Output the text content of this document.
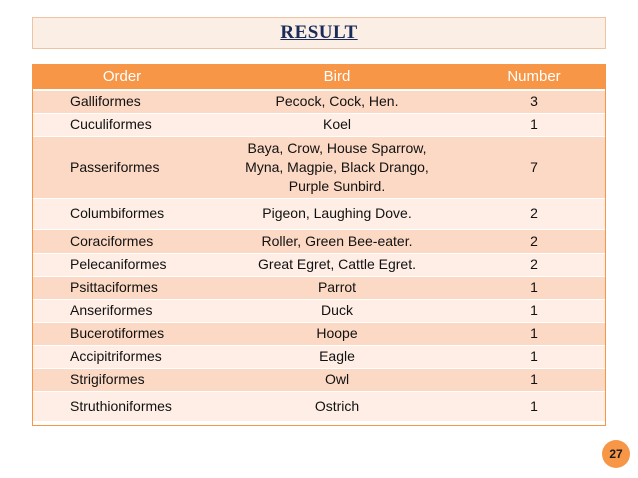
RESULT
Order	Bird	Number
Galliformes	Pecock, Cock, Hen.	3
Cuculiformes	Koel	1
Passeriformes	Baya, Crow, House Sparrow, Myna, Magpie, Black Drango, Purple Sunbird.	7
Columbiformes	Pigeon, Laughing Dove.	2
Coraciformes	Roller, Green Bee-eater.	2
Pelecaniformes	Great Egret, Cattle Egret.	2
Psittaciformes	Parrot	1
Anseriformes	Duck	1
Bucerotiformes	Hoope	1
Accipitriformes	Eagle	1
Strigiformes	Owl	1
Struthioniformes	Ostrich	1
27
